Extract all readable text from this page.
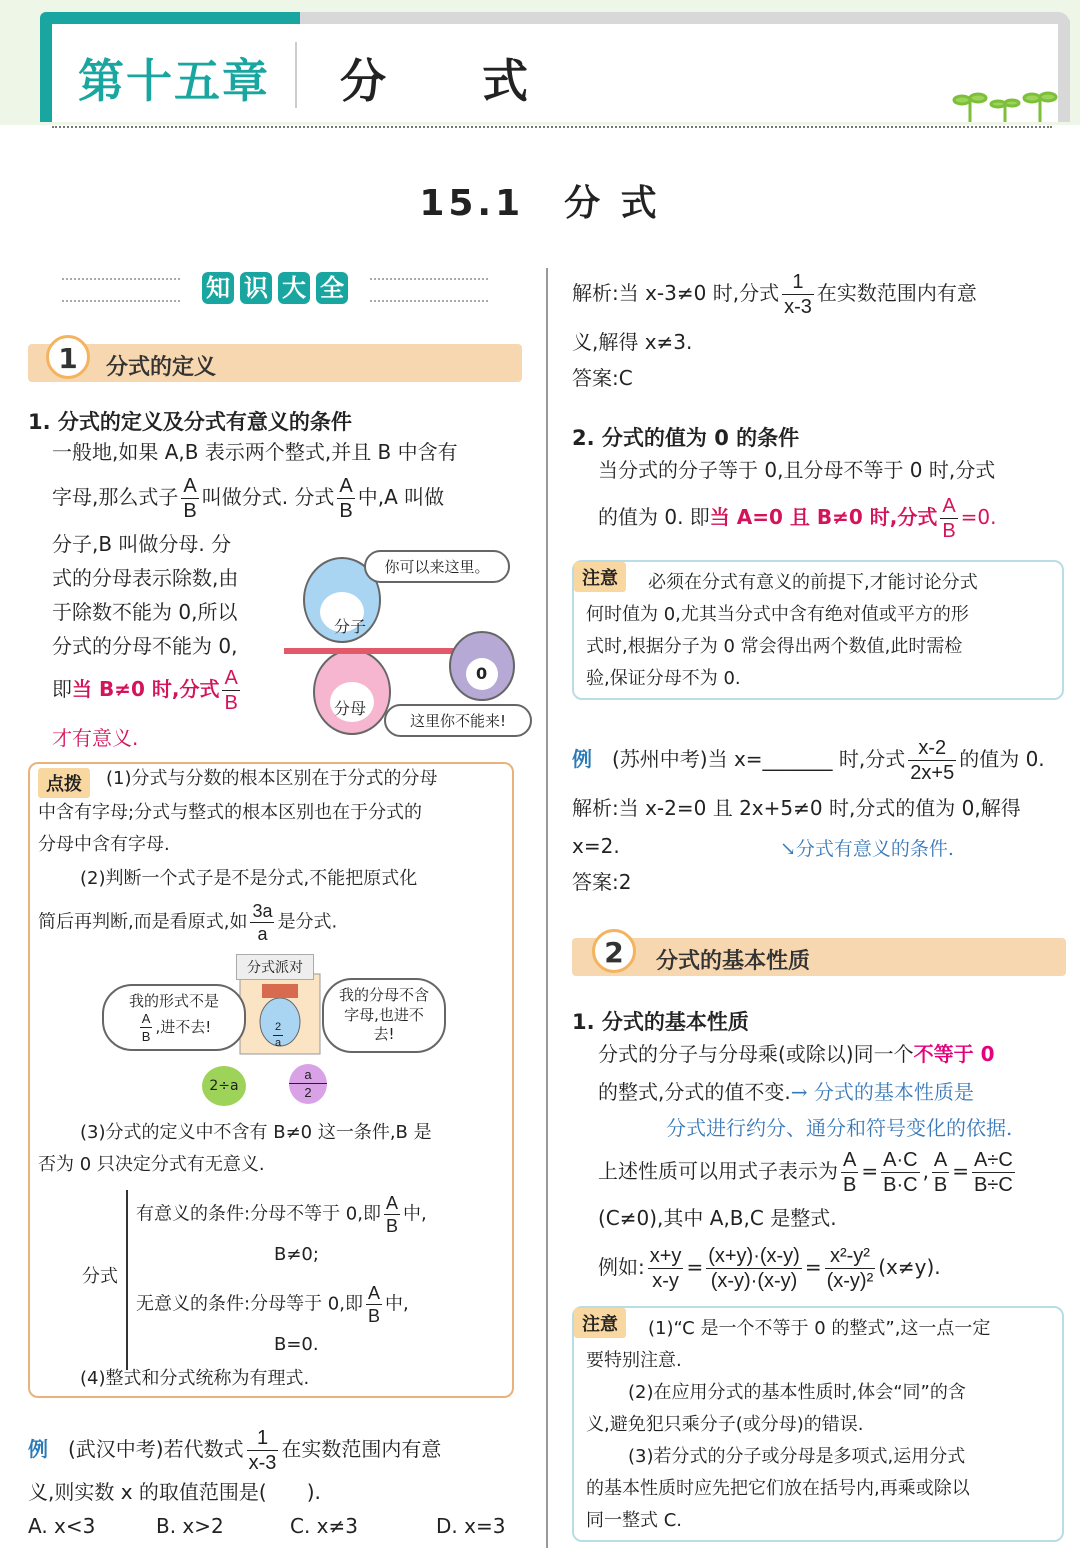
第十五章 分 式
15.1　分 式
知 识 大 全
1	分式的定义
1. 分式的定义及分式有意义的条件
一般地,如果 A,B 表示两个整式,并且 B 中含有
字母,那么式子 $\frac{A}{B}$ 叫做分式. 分式 $\frac{A}{B}$ 中,A 叫做
分子,B 叫做分母. 分
式的分母表示除数,由
于除数不能为 0,所以
分式的分母不能为 0,
即当 B≠0 时,分式 $\frac{A}{B}$
才有意义.
你可以来这里。
这里你不能来!
分子
分母
0
点拨	(1)分式与分数的根本区别在于分式的分母
中含有字母;分式与整式的根本区别也在于分式的
分母中含有字母.
(2)判断一个式子是不是分式,不能把原式化
简后再判断,而是看原式,如 $\frac{3a}{a}$ 是分式.
分式派对
$\frac{2}{a}$
我的形式不是

$\frac{A}{B}$ ,进不去!
我的分母不含字母,也进不去!
2÷a	$\frac{a}{2}$
(3)分式的定义中不含有 B≠0 这一条件,B 是
否为 0 只决定分式有无意义.
分式
有意义的条件:分母不等于 0,即 $\frac{A}{B}$ 中,
B≠0;
无意义的条件:分母等于 0,即 $\frac{A}{B}$ 中,
B=0.
(4)整式和分式统称为有理式.
例　 (武汉中考)若代数式 $\frac{1}{x-3}$ 在实数范围内有意
义,则实数 x 的取值范围是(　　).
A. x<3	B. x>2	C. x≠3	D. x=3
解析:当 x-3≠0 时,分式 $\frac{1}{x-3}$ 在实数范围内有意
义,解得 x≠3.
答案:C
2. 分式的值为 0 的条件
当分式的分子等于 0,且分母不等于 0 时,分式
的值为 0. 即当 A=0 且 B≠0 时,分式 $\frac{A}{B} =0$.
注意	必须在分式有意义的前提下,才能讨论分式
何时值为 0,尤其当分式中含有绝对值或平方的形
式时,根据分子为 0 常会得出两个数值,此时需检
验,保证分母不为 0.
例　 (苏州中考)当 x=_______ 时,分式 $\frac{x-2}{2x+5}$ 的值为 0.
解析:当 x-2=0 且 2x+5≠0 时,分式的值为 0,解得
x=2.	↘分式有意义的条件.
答案:2
2	分式的基本性质
1. 分式的基本性质
分式的分子与分母乘(或除以)同一个不等于 0
的整式,分式的值不变.→ 分式的基本性质是
分式进行约分、通分和符号变化的依据.
上述性质可以用式子表示为 $\frac{A}{B} = \frac{A\cdot C}{B\cdot C}$ , $\frac{A}{B} = \frac{A\div C}{B\div C}$
(C≠0),其中 A,B,C 是整式.
例如: $\frac{x+y}{x-y} = \frac{(x+y)\cdot(x-y)}{(x-y)\cdot(x-y)} = \frac{\text{x²-y²}}{\text{(x-y)²}} (x\ne y)$.
注意	(1)“C 是一个不等于 0 的整式”,这一点一定
要特别注意.
(2)在应用分式的基本性质时,体会“同”的含
义,避免犯只乘分子(或分母)的错误.
(3)若分式的分子或分母是多项式,运用分式
的基本性质时应先把它们放在括号内,再乘或除以
同一整式 C.
